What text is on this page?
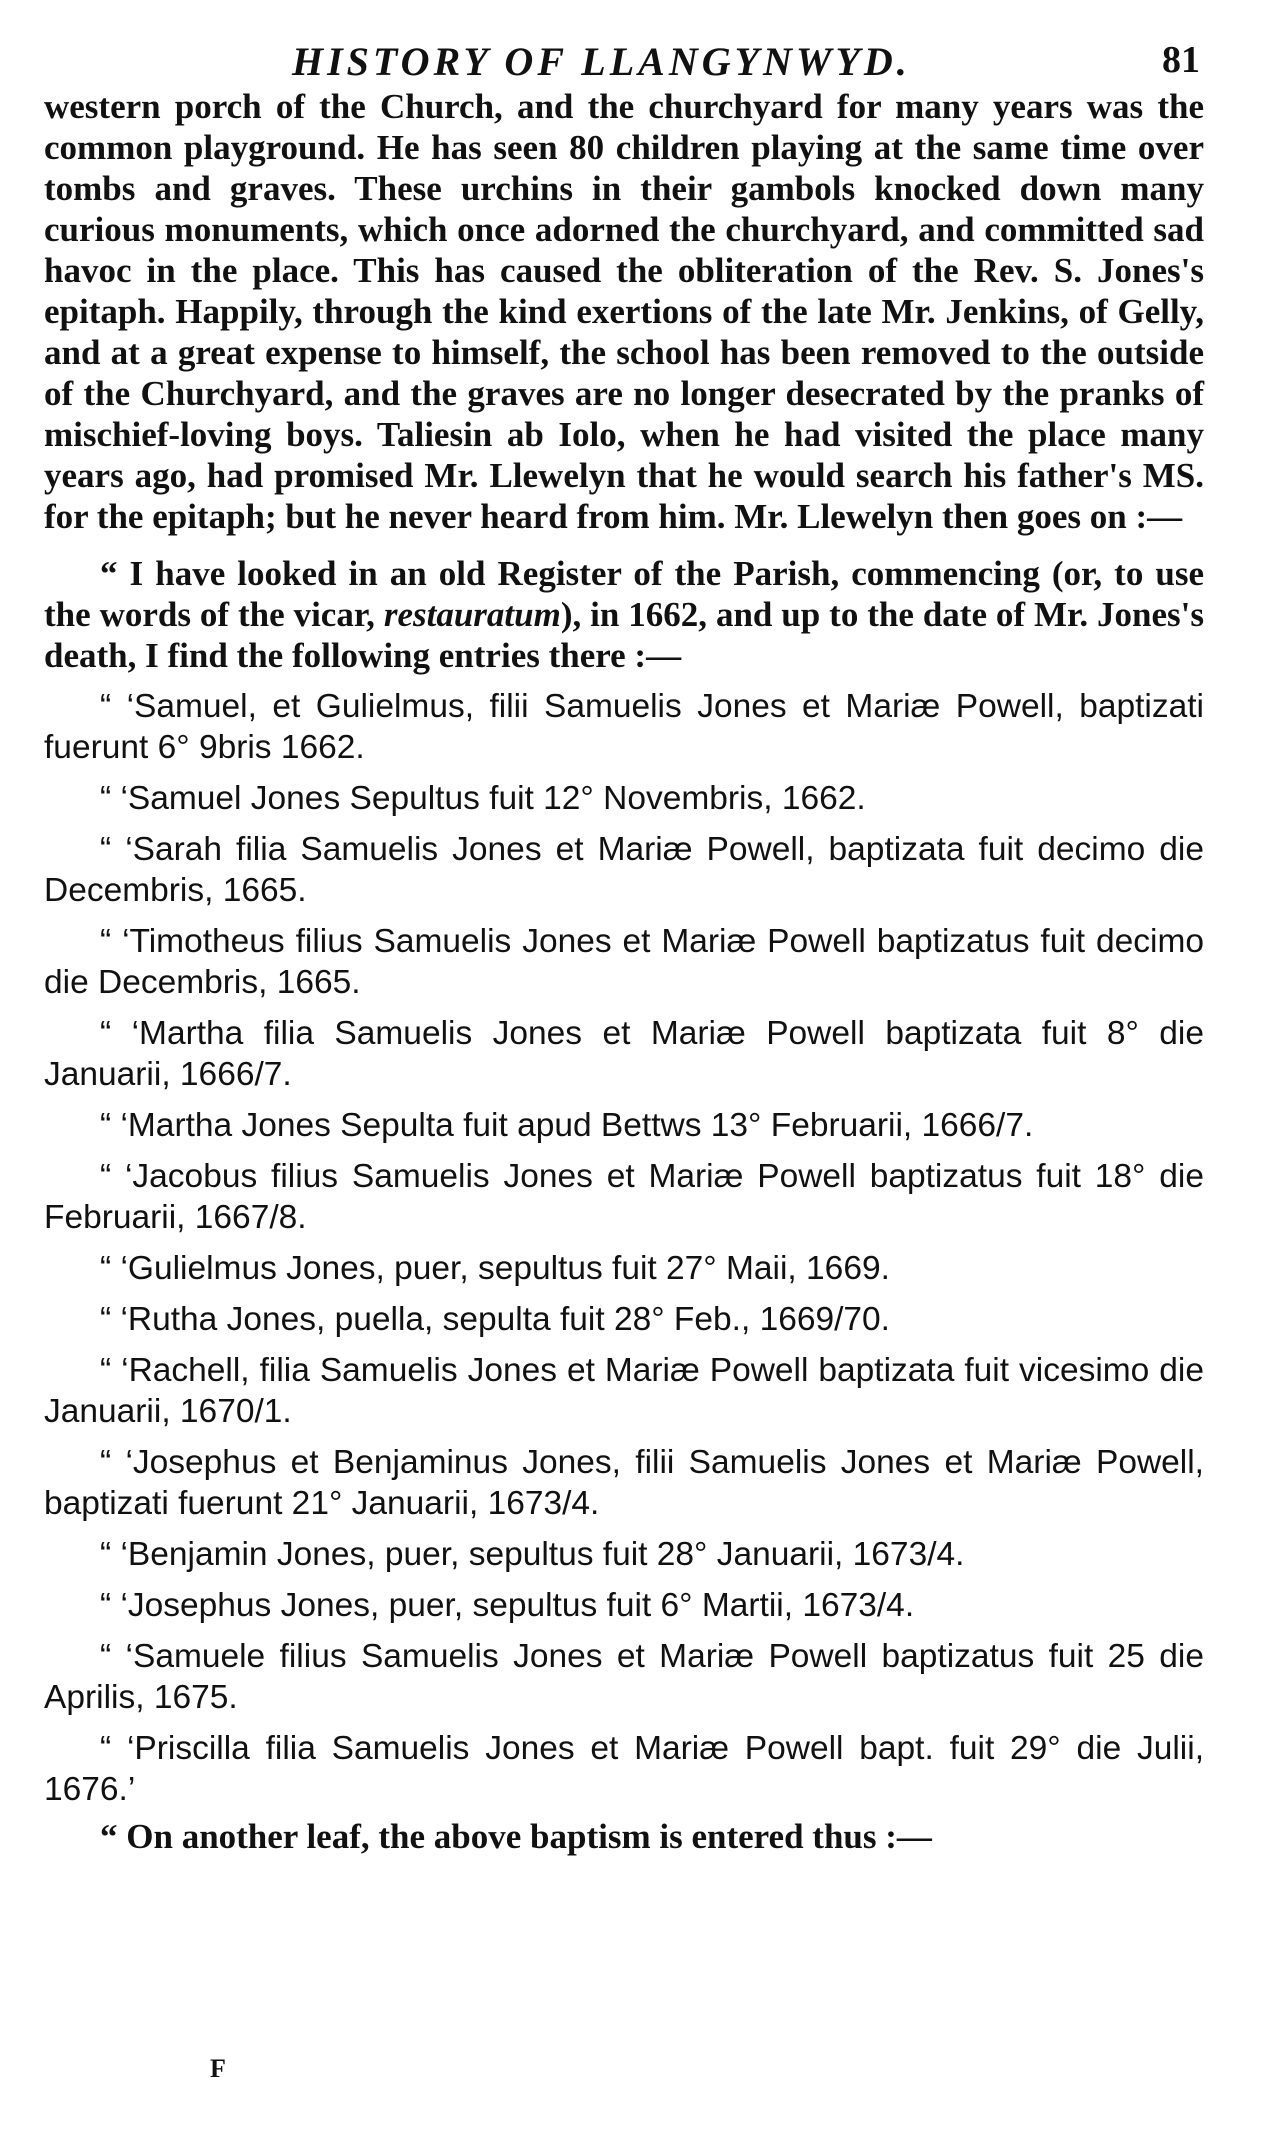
HISTORY OF LLANGYNWYD.	81

western porch of the Church, and the churchyard for many years was the common playground. He has seen 80 children playing at the same time over tombs and graves. These urchins in their gambols knocked down many curious monuments, which once adorned the churchyard, and committed sad havoc in the place. This has caused the obliteration of the Rev. S. Jones's epitaph. Happily, through the kind exertions of the late Mr. Jenkins, of Gelly, and at a great expense to himself, the school has been removed to the outside of the Churchyard, and the graves are no longer desecrated by the pranks of mischief-loving boys. Taliesin ab Iolo, when he had visited the place many years ago, had promised Mr. Llewelyn that he would search his father's MS. for the epitaph; but he never heard from him. Mr. Llewelyn then goes on :—

“ I have looked in an old Register of the Parish, commencing (or, to use the words of the vicar, restauratum), in 1662, and up to the date of Mr. Jones's death, I find the following entries there :—

“ ‘Samuel, et Gulielmus, filii Samuelis Jones et Mariæ Powell, baptizati fuerunt 6° 9bris 1662.

“ ‘Samuel Jones Sepultus fuit 12° Novembris, 1662.

“ ‘Sarah filia Samuelis Jones et Mariæ Powell, baptizata fuit decimo die Decembris, 1665.

“ ‘Timotheus filius Samuelis Jones et Mariæ Powell baptizatus fuit decimo die Decembris, 1665.

“ ‘Martha filia Samuelis Jones et Mariæ Powell baptizata fuit 8° die Januarii, 1666/7.

“ ‘Martha Jones Sepulta fuit apud Bettws 13° Februarii, 1666/7.

“ ‘Jacobus filius Samuelis Jones et Mariæ Powell baptizatus fuit 18° die Februarii, 1667/8.

“ ‘Gulielmus Jones, puer, sepultus fuit 27° Maii, 1669.

“ ‘Rutha Jones, puella, sepulta fuit 28° Feb., 1669/70.

“ ‘Rachell, filia Samuelis Jones et Mariæ Powell baptizata fuit vicesimo die Januarii, 1670/1.

“ ‘Josephus et Benjaminus Jones, filii Samuelis Jones et Mariæ Powell, baptizati fuerunt 21° Januarii, 1673/4.

“ ‘Benjamin Jones, puer, sepultus fuit 28° Januarii, 1673/4.

“ ‘Josephus Jones, puer, sepultus fuit 6° Martii, 1673/4.

“ ‘Samuele filius Samuelis Jones et Mariæ Powell baptizatus fuit 25 die Aprilis, 1675.

“ ‘Priscilla filia Samuelis Jones et Mariæ Powell bapt. fuit 29° die Julii, 1676.’

“ On another leaf, the above baptism is entered thus :—

F
